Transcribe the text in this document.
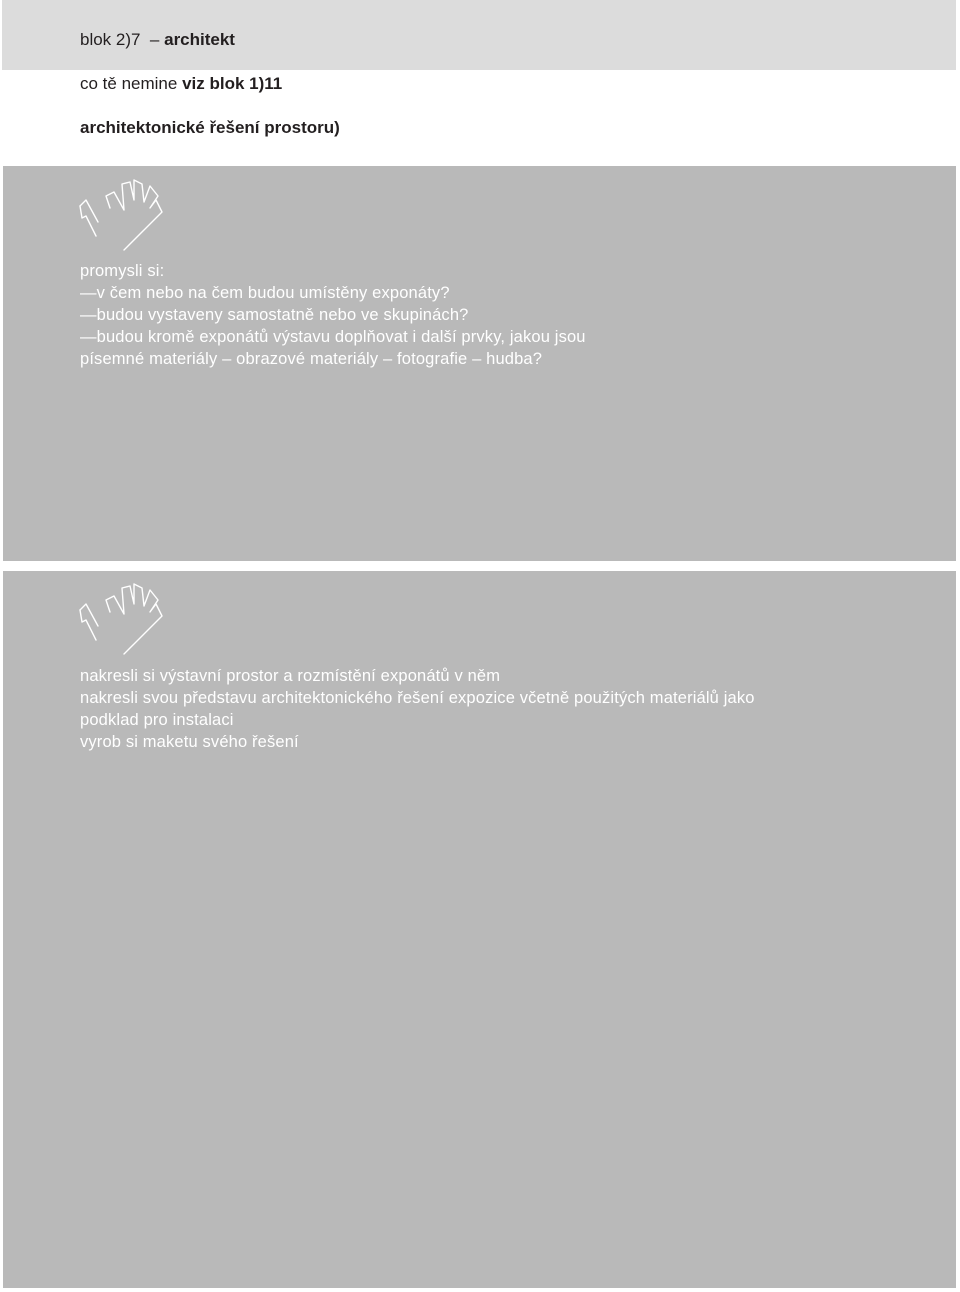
blok 2)7  – architekt
co tě nemine viz blok 1)11
architektonické řešení prostoru)
promysli si:
—v čem nebo na čem budou umístěny exponáty?
—budou vystaveny samostatně nebo ve skupinách?
—budou kromě exponátů výstavu doplňovat i další prvky, jakou jsou
písemné materiály – obrazové materiály – fotografie – hudba?
nakresli si výstavní prostor a rozmístění exponátů v něm
nakresli svou představu architektonického řešení expozice včetně použitých materiálů jako
podklad pro instalaci
vyrob si maketu svého řešení
